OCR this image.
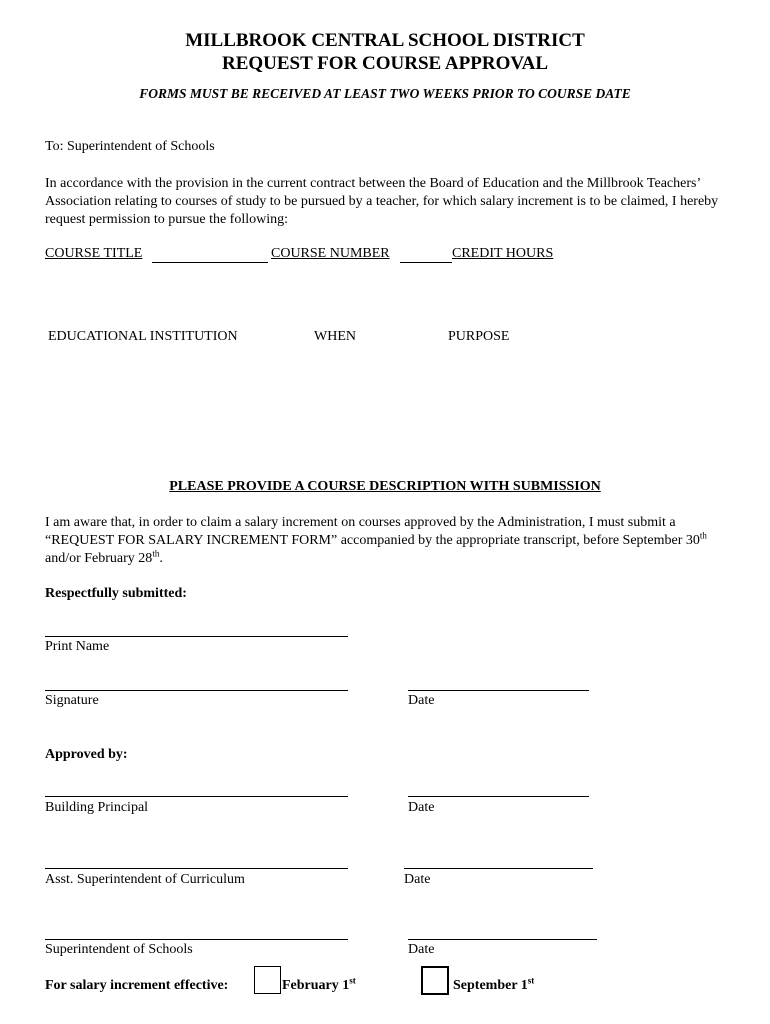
MILLBROOK CENTRAL SCHOOL DISTRICT
REQUEST FOR COURSE APPROVAL
FORMS MUST BE RECEIVED AT LEAST TWO WEEKS PRIOR TO COURSE DATE
To: Superintendent of Schools
In accordance with the provision in the current contract between the Board of Education and the Millbrook Teachers’ Association relating to courses of study to be pursued by a teacher, for which salary increment is to be claimed, I hereby request permission to pursue the following:
COURSE TITLE	COURSE NUMBER	CREDIT HOURS
EDUCATIONAL INSTITUTION	WHEN	PURPOSE
PLEASE PROVIDE A COURSE DESCRIPTION WITH SUBMISSION
I am aware that, in order to claim a salary increment on courses approved by the Administration, I must submit a “REQUEST FOR SALARY INCREMENT FORM” accompanied by the appropriate transcript, before September 30th and/or February 28th.
Respectfully submitted:
Print Name
Signature	Date
Approved by:
Building Principal	Date
Asst. Superintendent of Curriculum	Date
Superintendent of Schools	Date
For salary increment effective:	February 1st	September 1st
